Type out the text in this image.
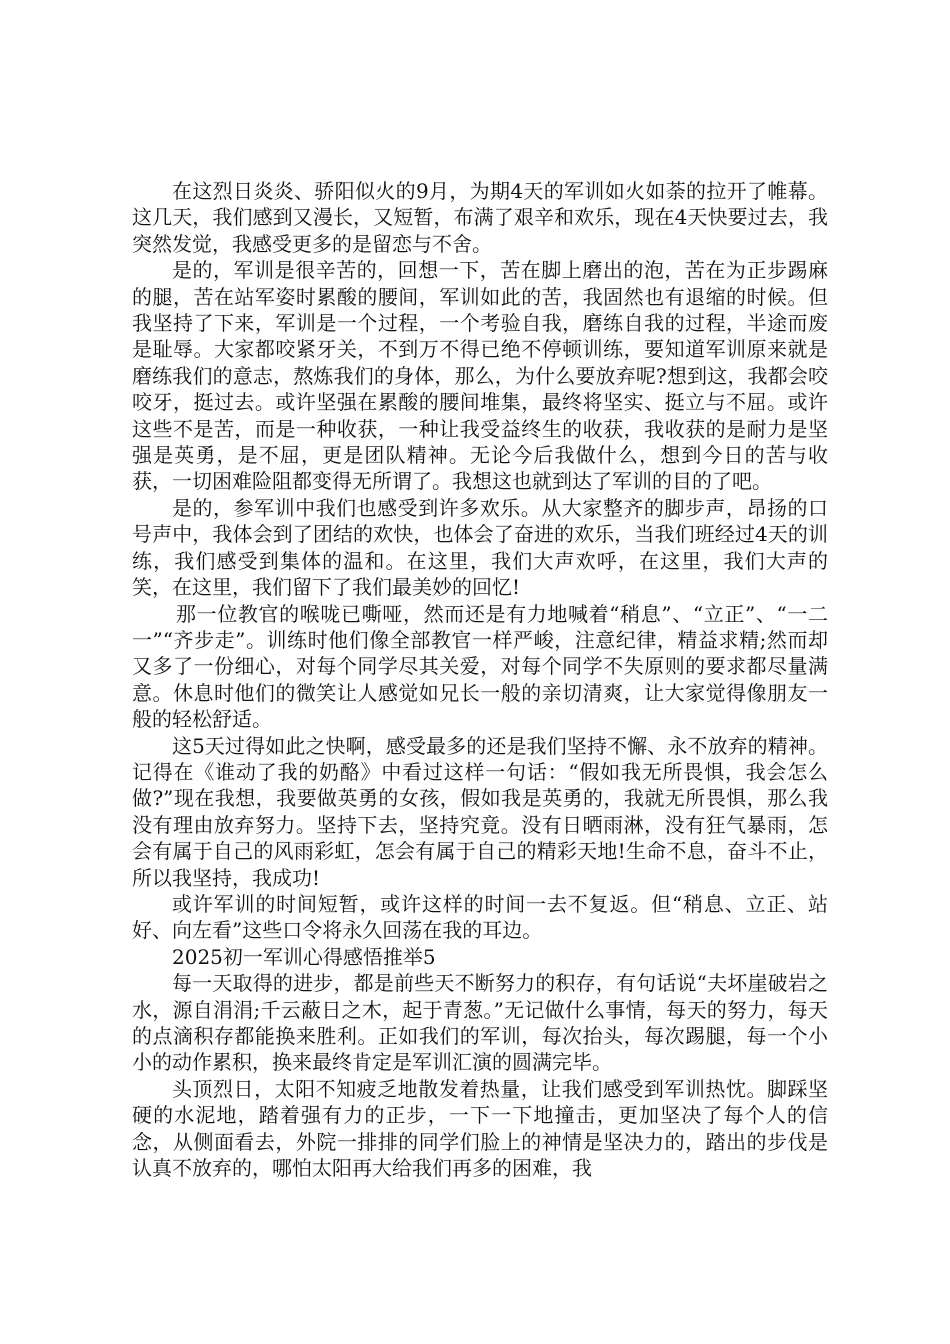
在这烈日炎炎、骄阳似火的9月，为期4天的军训如火如荼的拉开了帷幕。这几天，我们感到又漫长，又短暂，布满了艰辛和欢乐，现在4天快要过去，我突然发觉，我感受更多的是留恋与不舍。

是的，军训是很辛苦的，回想一下，苦在脚上磨出的泡，苦在为正步踢麻的腿，苦在站军姿时累酸的腰间，军训如此的苦，我固然也有退缩的时候。但我坚持了下来，军训是一个过程，一个考验自我，磨练自我的过程，半途而废是耻辱。大家都咬紧牙关，不到万不得已绝不停顿训练，要知道军训原来就是磨练我们的意志，熬炼我们的身体，那么，为什么要放弃呢?想到这，我都会咬咬牙，挺过去。或许坚强在累酸的腰间堆集，最终将坚实、挺立与不屈。或许这些不是苦，而是一种收获，一种让我受益终生的收获，我收获的是耐力是坚强是英勇，是不屈，更是团队精神。无论今后我做什么，想到今日的苦与收获，一切困难险阻都变得无所谓了。我想这也就到达了军训的目的了吧。

是的，参军训中我们也感受到许多欢乐。从大家整齐的脚步声，昂扬的口号声中，我体会到了团结的欢快，也体会了奋进的欢乐，当我们班经过4天的训练，我们感受到集体的温和。在这里，我们大声欢呼，在这里，我们大声的笑，在这里，我们留下了我们最美妙的回忆!

那一位教官的喉咙已嘶哑，然而还是有力地喊着“稍息”、“立正”、“一二一”“齐步走”。训练时他们像全部教官一样严峻，注意纪律，精益求精;然而却又多了一份细心，对每个同学尽其关爱，对每个同学不失原则的要求都尽量满意。休息时他们的微笑让人感觉如兄长一般的亲切清爽，让大家觉得像朋友一般的轻松舒适。

这5天过得如此之快啊，感受最多的还是我们坚持不懈、永不放弃的精神。记得在《谁动了我的奶酪》中看过这样一句话：“假如我无所畏惧，我会怎么做?”现在我想，我要做英勇的女孩，假如我是英勇的，我就无所畏惧，那么我没有理由放弃努力。坚持下去，坚持究竟。没有日晒雨淋，没有狂气暴雨，怎会有属于自己的风雨彩虹，怎会有属于自己的精彩天地!生命不息，奋斗不止，所以我坚持，我成功!

或许军训的时间短暂，或许这样的时间一去不复返。但“稍息、立正、站好、向左看”这些口令将永久回荡在我的耳边。

2025初一军训心得感悟推举5

每一天取得的进步，都是前些天不断努力的积存，有句话说“夫坏崖破岩之水，源自涓涓;千云蔽日之木，起于青葱。”无记做什么事情，每天的努力，每天的点滴积存都能换来胜利。正如我们的军训，每次抬头，每次踢腿，每一个小小的动作累积，换来最终肯定是军训汇演的圆满完毕。

头顶烈日，太阳不知疲乏地散发着热量，让我们感受到军训热忱。脚踩坚硬的水泥地，踏着强有力的正步，一下一下地撞击，更加坚决了每个人的信念，从侧面看去，外院一排排的同学们脸上的神情是坚决力的，踏出的步伐是认真不放弃的，哪怕太阳再大给我们再多的困难，我
